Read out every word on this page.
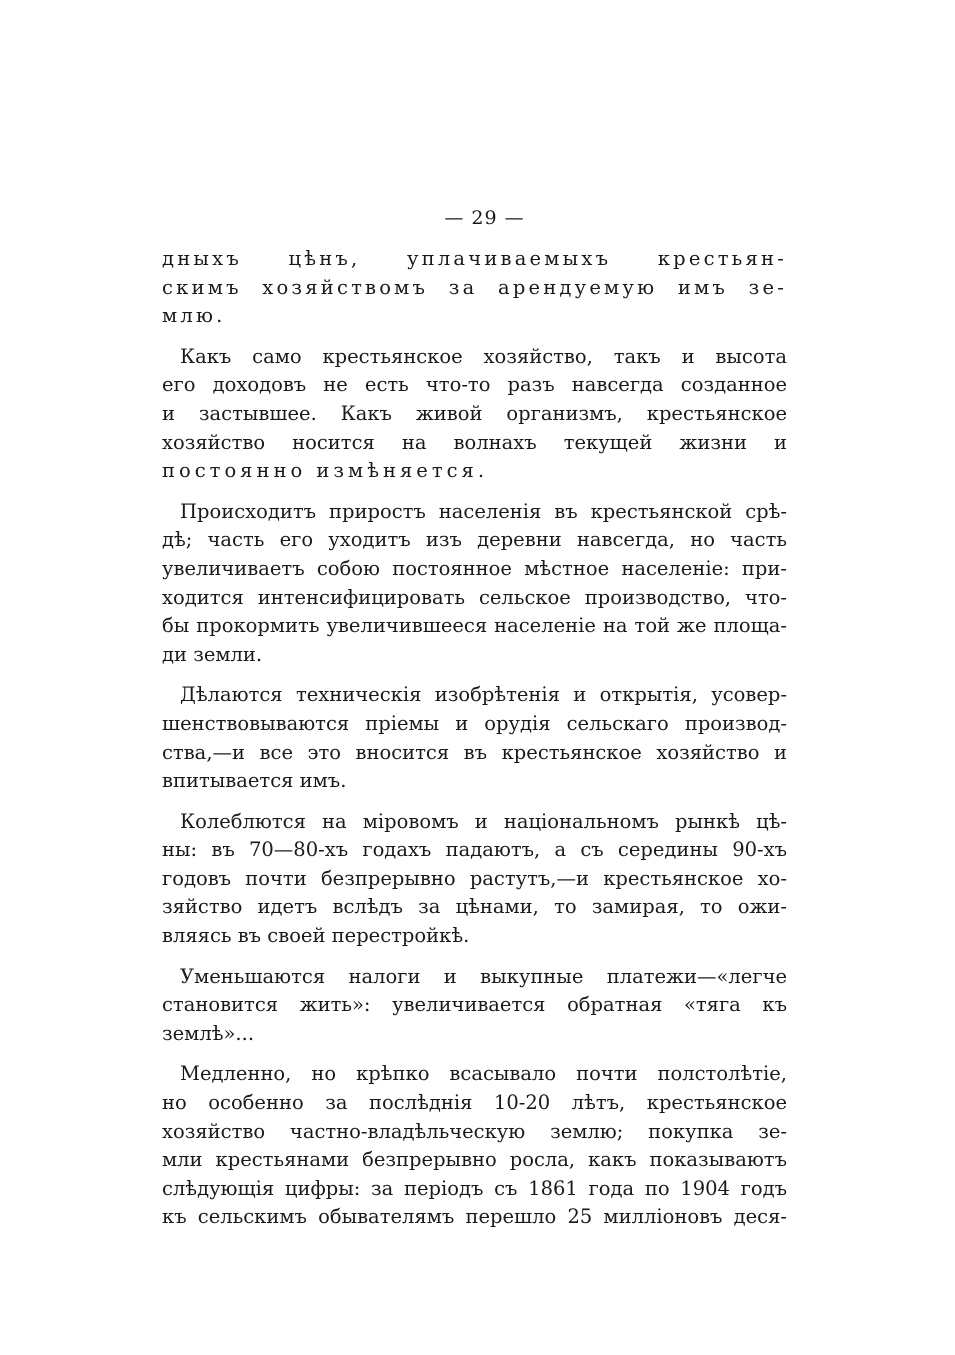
— 29 —
дныхъ цѣнъ, уплачиваемыхъ крестьян-
скимъ хозяйствомъ за арендуемую имъ зе-
млю.
Какъ само крестьянское хозяйство, такъ и высота
его доходовъ не есть что-то разъ навсегда созданное
и застывшее. Какъ живой организмъ, крестьянское
хозяйство носится на волнахъ текущей жизни и
постоянно измѣняется.
Происходитъ приростъ населенія въ крестьянской срѣ-
дѣ; часть его уходитъ изъ деревни навсегда, но часть
увеличиваетъ собою постоянное мѣстное населеніе: при-
ходится интенсифицировать сельское производство, что-
бы прокормить увеличившееся населеніе на той же площа-
ди земли.
Дѣлаются техническія изобрѣтенія и открытія, усовер-
шенствовываются пріемы и орудія сельскаго производ-
ства,—и все это вносится въ крестьянское хозяйство и
впитывается имъ.
Колеблются на міровомъ и національномъ рынкѣ цѣ-
ны: въ 70—80-хъ годахъ падаютъ, а съ середины 90-хъ
годовъ почти безпрерывно растутъ,—и крестьянское хо-
зяйство идетъ вслѣдъ за цѣнами, то замирая, то ожи-
вляясь въ своей перестройкѣ.
Уменьшаются налоги и выкупные платежи—«легче
становится жить»: увеличивается обратная «тяга къ
землѣ»...
Медленно, но крѣпко всасывало почти полстолѣтіе,
но особенно за послѣднія 10-20 лѣтъ, крестьянское
хозяйство частно-владѣльческую землю; покупка зе-
мли крестьянами безпрерывно росла, какъ показываютъ
слѣдующія цифры: за періодъ съ 1861 года по 1904 годъ
къ сельскимъ обывателямъ перешло 25 милліоновъ деся-
